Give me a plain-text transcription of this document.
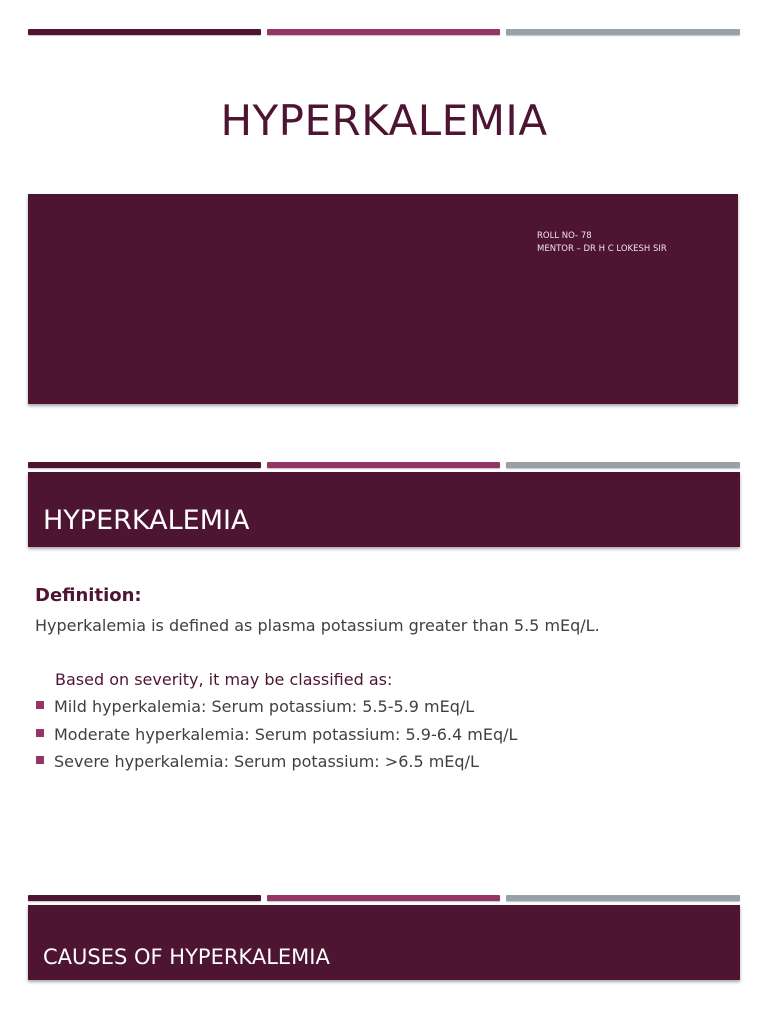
HYPERKALEMIA
ROLL NO- 78
MENTOR – DR H C LOKESH SIR
HYPERKALEMIA
Definition:
Hyperkalemia is defined as plasma potassium greater than 5.5 mEq/L.
Based on severity, it may be classified as:
Mild hyperkalemia: Serum potassium: 5.5-5.9 mEq/L
Moderate hyperkalemia: Serum potassium: 5.9-6.4 mEq/L
Severe hyperkalemia: Serum potassium: >6.5 mEq/L
CAUSES OF HYPERKALEMIA
